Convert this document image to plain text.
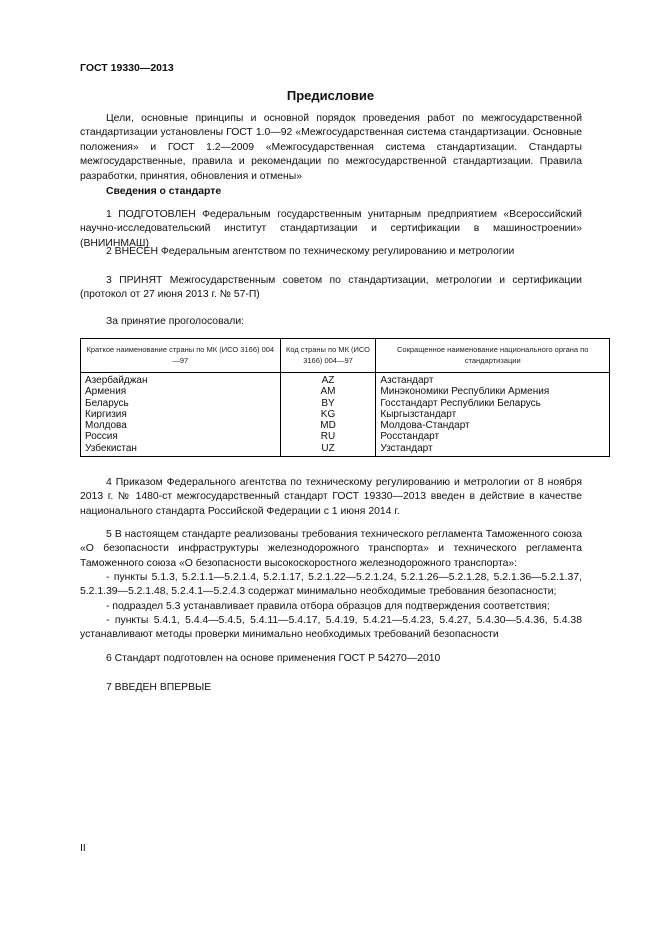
ГОСТ 19330—2013
Предисловие

Цели, основные принципы и основной порядок проведения работ по межгосударственной стандартизации установлены ГОСТ 1.0—92 «Межгосударственная система стандартизации. Основные положения» и ГОСТ 1.2—2009 «Межгосударственная система стандартизации. Стандарты межгосударственные, правила и рекомендации по межгосударственной стандартизации. Правила разработки, принятия, обновления и отмены»

Сведения о стандарте

1 ПОДГОТОВЛЕН Федеральным государственным унитарным предприятием «Всероссийский научно-исследовательский институт стандартизации и сертификации в машиностроении» (ВНИИНМАШ)

2 ВНЕСЕН Федеральным агентством по техническому регулированию и метрологии

3 ПРИНЯТ Межгосударственным советом по стандартизации, метрологии и сертификации (протокол от 27 июня 2013 г. № 57-П)

За принятие проголосовали:
Краткое наименование страны по МК (ИСО 3166) 004—97	Код страны по МК (ИСО 3166) 004—97	Сокращенное наименование национального органа по стандартизации
Азербайджан	AZ	Азстандарт
Армения	AM	Минэкономики Республики Армения
Беларусь	BY	Госстандарт Республики Беларусь
Киргизия	KG	Кыргызстандарт
Молдова	MD	Молдова-Стандарт
Россия	RU	Росстандарт
Узбекистан	UZ	Узстандарт

4 Приказом Федерального агентства по техническому регулированию и метрологии от 8 ноября 2013 г. № 1480-ст межгосударственный стандарт ГОСТ 19330—2013 введен в действие в качестве национального стандарта Российской Федерации с 1 июня 2014 г.

5 В настоящем стандарте реализованы требования технического регламента Таможенного союза «О безопасности инфраструктуры железнодорожного транспорта» и технического регламента Таможенного союза «О безопасности высокоскоростного железнодорожного транспорта»:

- пункты 5.1.3, 5.2.1.1—5.2.1.4, 5.2.1.17, 5.2.1.22—5.2.1.24, 5.2.1.26—5.2.1.28, 5.2.1.36—5.2.1.37, 5.2.1.39—5.2.1.48, 5.2.4.1—5.2.4.3 содержат минимально необходимые требования безопасности;

- подраздел 5.3 устанавливает правила отбора образцов для подтверждения соответствия;

- пункты 5.4.1, 5.4.4—5.4.5, 5.4.11—5.4.17, 5.4.19, 5.4.21—5.4.23, 5.4.27, 5.4.30—5.4.36, 5.4.38 устанавливают методы проверки минимально необходимых требований безопасности

6 Стандарт подготовлен на основе применения ГОСТ Р 54270—2010

7 ВВЕДЕН ВПЕРВЫЕ

II
